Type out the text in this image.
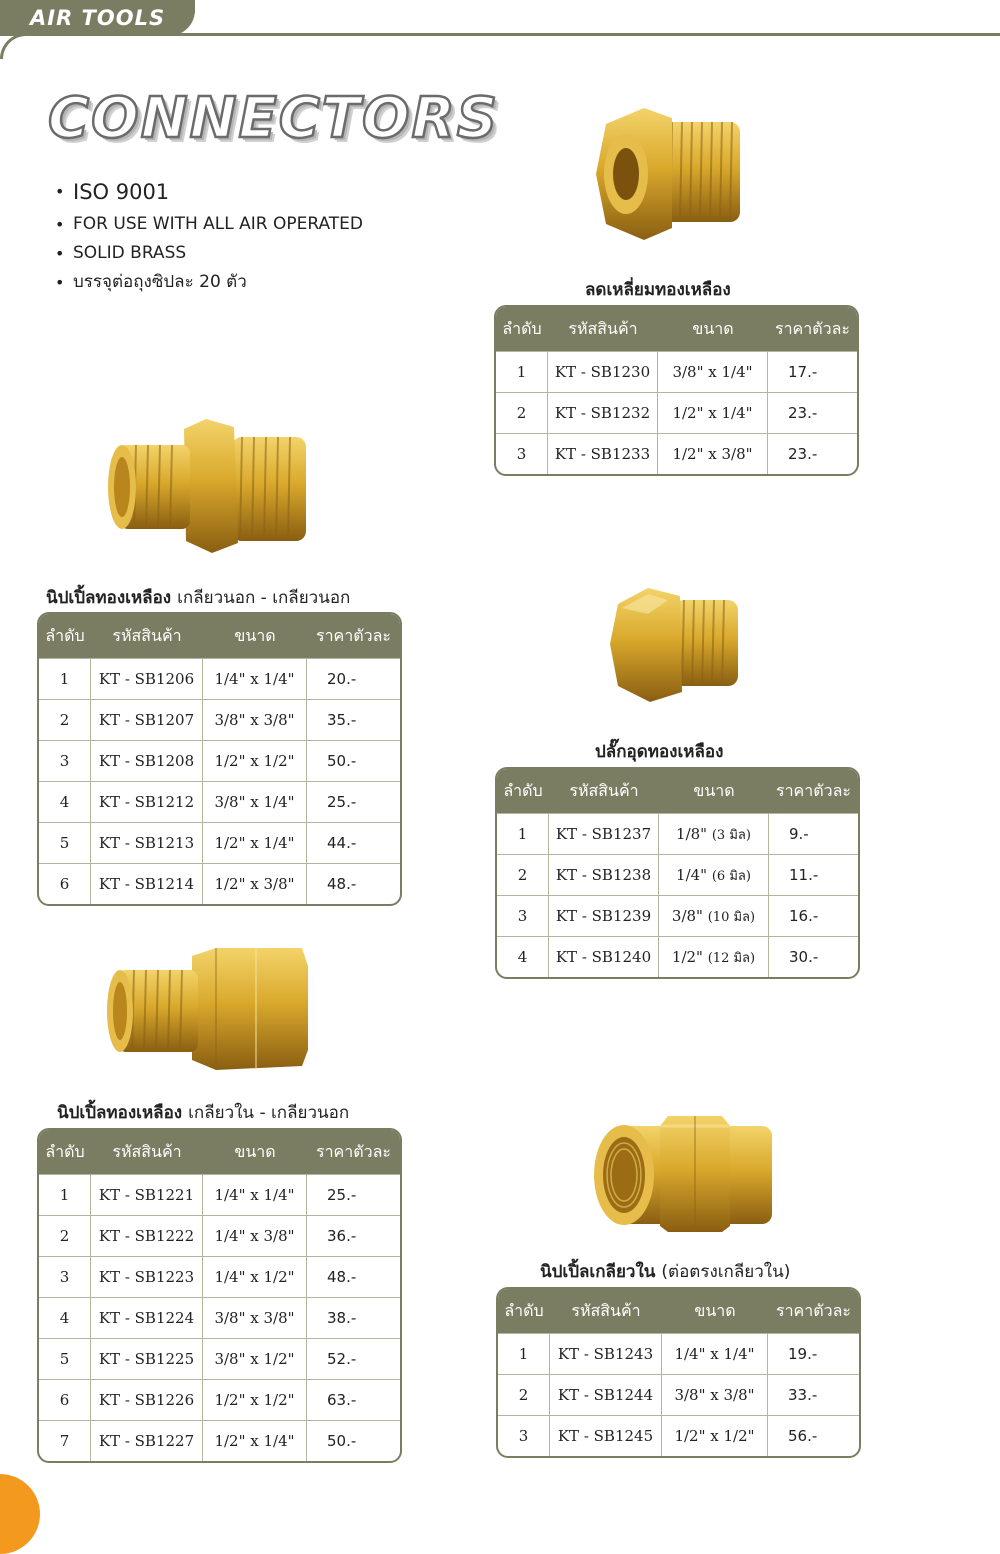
AIR TOOLS
CONNECTORS
• ISO 9001
• FOR USE WITH ALL AIR OPERATED
• SOLID BRASS
• บรรจุต่อถุงซิปละ 20 ตัว	ลดเหลี่ยมทองเหลือง
ลำดับ	รหัสสินค้า	ขนาด	ราคาตัวละ
1	KT - SB1230	3/8" x 1/4"	17.-
2	KT - SB1232	1/2" x 1/4"	23.-
3	KT - SB1233	1/2" x 3/8"	23.-
นิปเปิ้ลทองเหลือง เกลียวนอก - เกลียวนอก
ลำดับ	รหัสสินค้า	ขนาด	ราคาตัวละ
1	KT - SB1206	1/4" x 1/4"	20.-
2	KT - SB1207	3/8" x 3/8"	35.-
3	KT - SB1208	1/2" x 1/2"	50.-
4	KT - SB1212	3/8" x 1/4"	25.-
5	KT - SB1213	1/2" x 1/4"	44.-
6	KT - SB1214	1/2" x 3/8"	48.-
ปลั๊กอุดทองเหลือง
ลำดับ	รหัสสินค้า	ขนาด	ราคาตัวละ
1	KT - SB1237	1/8" (3 มิล)	9.-
2	KT - SB1238	1/4" (6 มิล)	11.-
3	KT - SB1239	3/8" (10 มิล)	16.-
4	KT - SB1240	1/2" (12 มิล)	30.-
นิปเปิ้ลทองเหลือง เกลียวใน - เกลียวนอก
ลำดับ	รหัสสินค้า	ขนาด	ราคาตัวละ
1	KT - SB1221	1/4" x 1/4"	25.-
2	KT - SB1222	1/4" x 3/8"	36.-
3	KT - SB1223	1/4" x 1/2"	48.-
4	KT - SB1224	3/8" x 3/8"	38.-
5	KT - SB1225	3/8" x 1/2"	52.-
6	KT - SB1226	1/2" x 1/2"	63.-
7	KT - SB1227	1/2" x 1/4"	50.-
นิปเปิ้ลเกลียวใน (ต่อตรงเกลียวใน)
ลำดับ	รหัสสินค้า	ขนาด	ราคาตัวละ
1	KT - SB1243	1/4" x 1/4"	19.-
2	KT - SB1244	3/8" x 3/8"	33.-
3	KT - SB1245	1/2" x 1/2"	56.-
